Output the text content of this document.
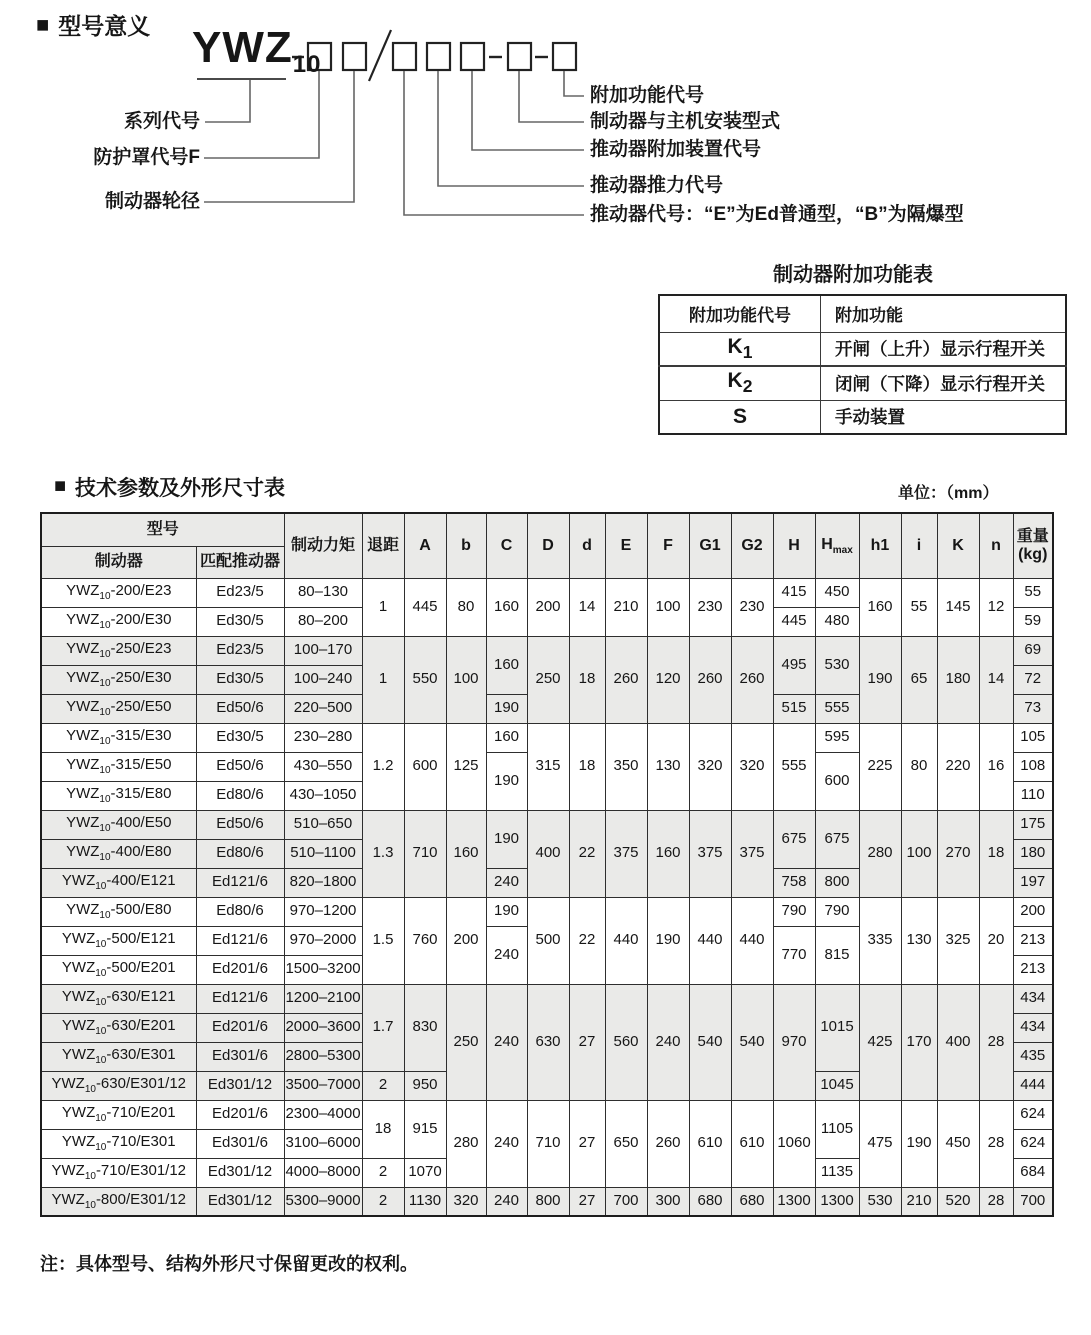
■ 型号意义 $YWZ_{10}$
系列代号
防护罩代号F
制动器轮径
附加功能代号
制动器与主机安装型式
推动器附加装置代号
推动器推力代号
推动器代号：“E”为Ed普通型，“B”为隔爆型
制动器附加功能表
附加功能代号	附加功能
$K_1$	开闸（上升）显示行程开关
$K_2$	闭闸（下降）显示行程开关
S	手动装置
■ 技术参数及外形尺寸表	单位：（mm）
型号		制动力矩	退距	A	b	C	D	d	E	F	G1	G2	H	$H_{max}$	h1	i	K	n	重量
(kg)
制动器	匹配推动器																		
$YWZ_{10}-200/E23$	Ed23/5	80–130	1	445	80	160	200	14	210	100	230	230	415	450	160	55	145	12	55
$YWZ_{10}-200/E30$	Ed30/5	80–200											445	480					59
$YWZ_{10}-250/E23$	Ed23/5	100–170	1	550	100	160	250	18	260	120	260	260	495	530	190	65	180	14	69
$YWZ_{10}-250/E30$	Ed30/5	100–240																	72
$YWZ_{10}-250/E50$	Ed50/6	220–500				190							515	555					73
$YWZ_{10}-315/E30$	Ed30/5	230–280	1.2	600	125	160	315	18	350	130	320	320	555	595	225	80	220	16	105
$YWZ_{10}-315/E50$	Ed50/6	430–550				190								600					108
$YWZ_{10}-315/E80$	Ed80/6	430–1050																	110
$YWZ_{10}-400/E50$	Ed50/6	510–650	1.3	710	160	190	400	22	375	160	375	375	675	675	280	100	270	18	175
$YWZ_{10}-400/E80$	Ed80/6	510–1100																	180
$YWZ_{10}-400/E121$	Ed121/6	820–1800				240							758	800					197
$YWZ_{10}-500/E80$	Ed80/6	970–1200	1.5	760	200	190	500	22	440	190	440	440	790	790	335	130	325	20	200
$YWZ_{10}-500/E121$	Ed121/6	970–2000				240							770	815					213
$YWZ_{10}-500/E201$	Ed201/6	1500–3200																	213
$YWZ_{10}-630/E121$	Ed121/6	1200–2100	1.7	830	250	240	630	27	560	240	540	540	970	1015	425	170	400	28	434
$YWZ_{10}-630/E201$	Ed201/6	2000–3600																	434
$YWZ_{10}-630/E301$	Ed301/6	2800–5300																	435
$YWZ_{10}-630/E301/12$	Ed301/12	3500–7000	2	950										1045					444
$YWZ_{10}-710/E201$	Ed201/6	2300–4000	18	915	280	240	710	27	650	260	610	610	1060	1105	475	190	450	28	624
$YWZ_{10}-710/E301$	Ed301/6	3100–6000																	624
$YWZ_{10}-710/E301/12$	Ed301/12	4000–8000	2	1070										1135					684
$YWZ_{10}-800/E301/12$	Ed301/12	5300–9000	2	1130	320	240	800	27	700	300	680	680	1300	1300	530	210	520	28	700
注：具体型号、结构外形尺寸保留更改的权利。
